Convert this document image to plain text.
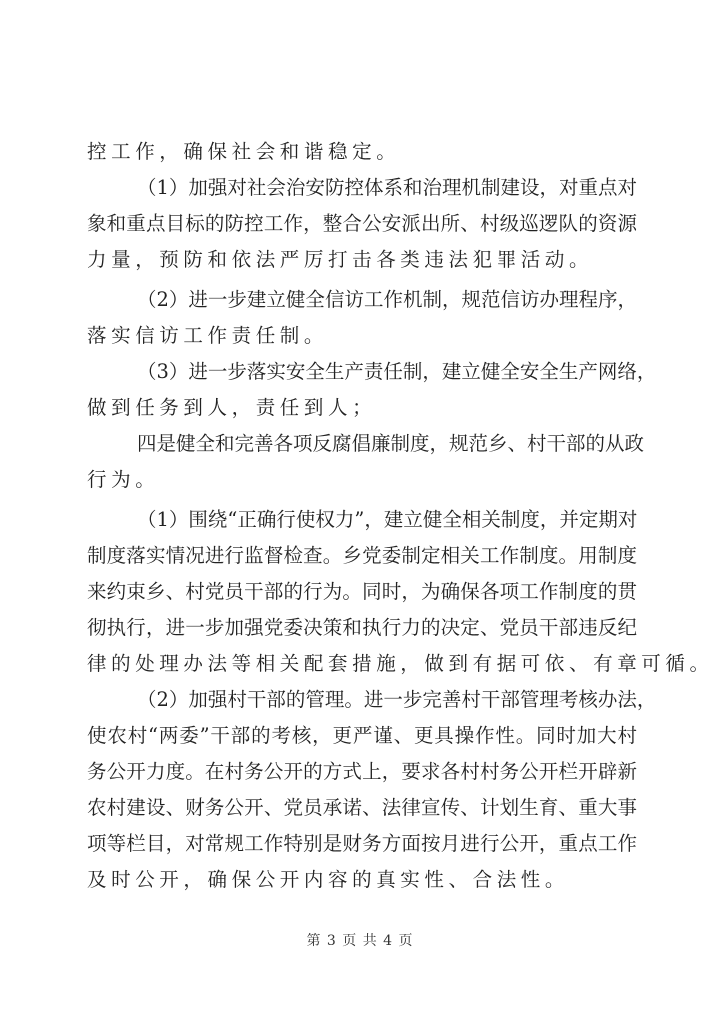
控工作，确保社会和谐稳定。
（1）加强对社会治安防控体系和治理机制建设，对重点对
象和重点目标的防控工作，整合公安派出所、村级巡逻队的资源
力量，预防和依法严厉打击各类违法犯罪活动。
（2）进一步建立健全信访工作机制，规范信访办理程序，
落实信访工作责任制。
（3）进一步落实安全生产责任制，建立健全安全生产网络，
做到任务到人，责任到人；
四是健全和完善各项反腐倡廉制度，规范乡、村干部的从政
行为。
（1）围绕“正确行使权力”，建立健全相关制度，并定期对
制度落实情况进行监督检查。乡党委制定相关工作制度。用制度
来约束乡、村党员干部的行为。同时，为确保各项工作制度的贯
彻执行，进一步加强党委决策和执行力的决定、党员干部违反纪
律的处理办法等相关配套措施，做到有据可依、有章可循。
（2）加强村干部的管理。进一步完善村干部管理考核办法，
使农村“两委”干部的考核，更严谨、更具操作性。同时加大村
务公开力度。在村务公开的方式上，要求各村村务公开栏开辟新
农村建设、财务公开、党员承诺、法律宣传、计划生育、重大事
项等栏目，对常规工作特别是财务方面按月进行公开，重点工作
及时公开，确保公开内容的真实性、合法性。
第 3 页 共 4 页
